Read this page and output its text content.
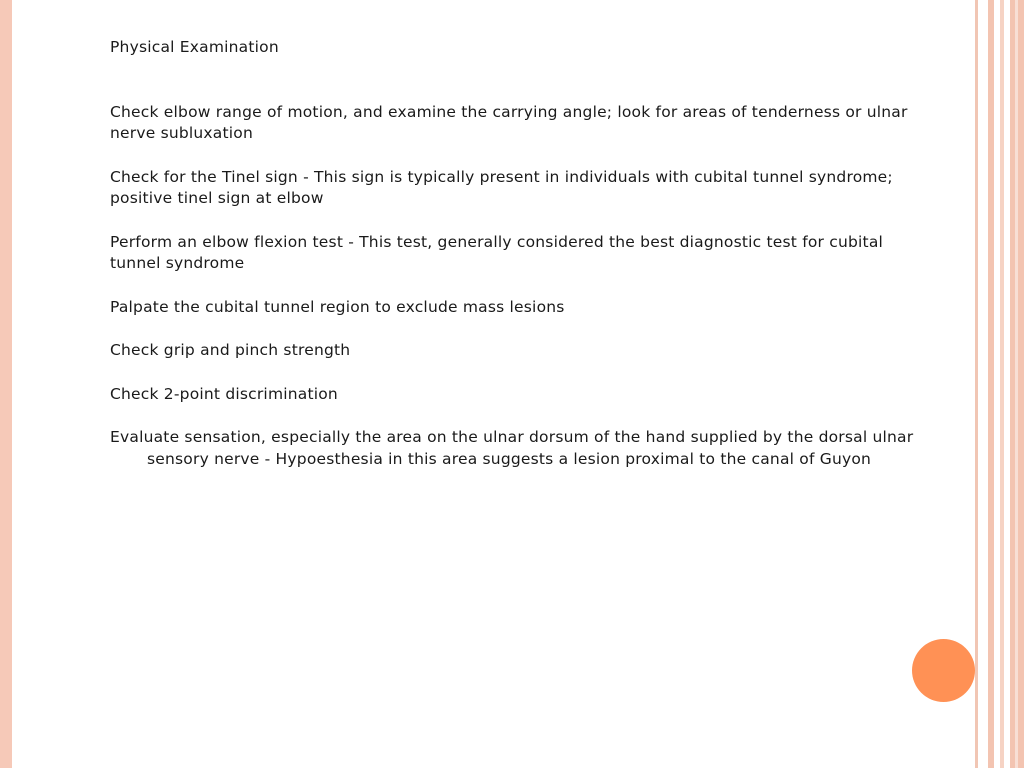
Physical Examination

Check elbow range of motion, and examine the carrying angle; look for areas of tenderness or ulnar nerve subluxation

Check for the Tinel sign - This sign is typically present in individuals with cubital tunnel syndrome; positive tinel sign at elbow

Perform an elbow flexion test - This test, generally considered the best diagnostic test for cubital tunnel syndrome

Palpate the cubital tunnel region to exclude mass lesions

Check grip and pinch strength

Check 2-point discrimination

Evaluate sensation, especially the area on the ulnar dorsum of the hand supplied by the dorsal ulnar sensory nerve - Hypoesthesia in this area suggests a lesion proximal to the canal of Guyon
